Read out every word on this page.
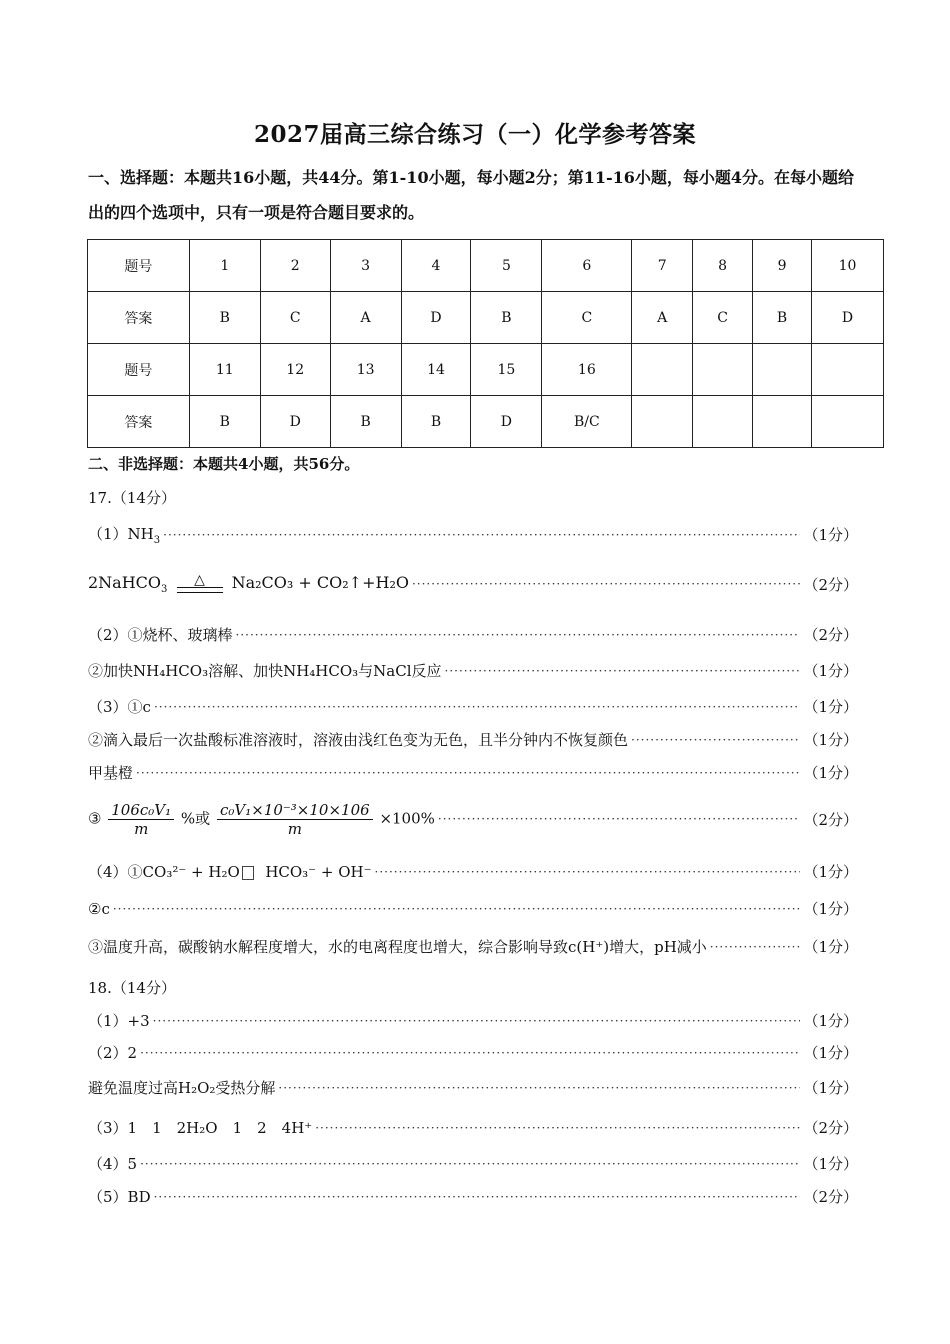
2027届高三综合练习（一）化学参考答案
一、选择题：本题共16小题，共44分。第1-10小题，每小题2分；第11-16小题，每小题4分。在每小题给出的四个选项中，只有一项是符合题目要求的。
题号	1	2	3	4	5	6	7	8	9	10
答案	B	C	A	D	B	C	A	C	B	D
题号	11	12	13	14	15	16				
答案	B	D	B	B	D	B/C				
二、非选择题：本题共4小题，共56分。
17.（14分）
$(1)NH_3$ ·····	（1分）
2NaHCO$_3$
△ Na₂CO₃ + CO₂↑+H₂O ·····	（2分）
（2）①烧杯、玻璃棒 ·····	（2分）
②加快NH₄HCO₃溶解、加快NH₄HCO₃与NaCl反应 ·····	（1分）
（3）①c ·····	（1分）
②滴入最后一次盐酸标准溶液时，溶液由浅红色变为无色，且半分钟内不恢复颜色 ·····	（1分）
甲基橙 ·····	（1分）
③ $\frac{\text{106c₀V₁}}{m}$ %或 $\frac{\text{c₀V₁×10⁻³×10×106}}{m} \times 100\%$ ·····	（2分）
（4）①CO₃²⁻ + H₂O HCO₃⁻ + OH⁻ ·····	（1分）
②c ·····	（1分）
③温度升高，碳酸钠水解程度增大，水的电离程度也增大，综合影响导致c(H⁺)增大，pH减小 ·····	（1分）
18.（14分）
（1）+3 ·····	（1分）
（2）2 ·····	（1分）
避免温度过高H₂O₂受热分解 ·····	（1分）
（3）1　1　2H₂O　1　2　4H⁺ ·····	（2分）
（4）5 ·····	（1分）
（5）BD ·····	（2分）
